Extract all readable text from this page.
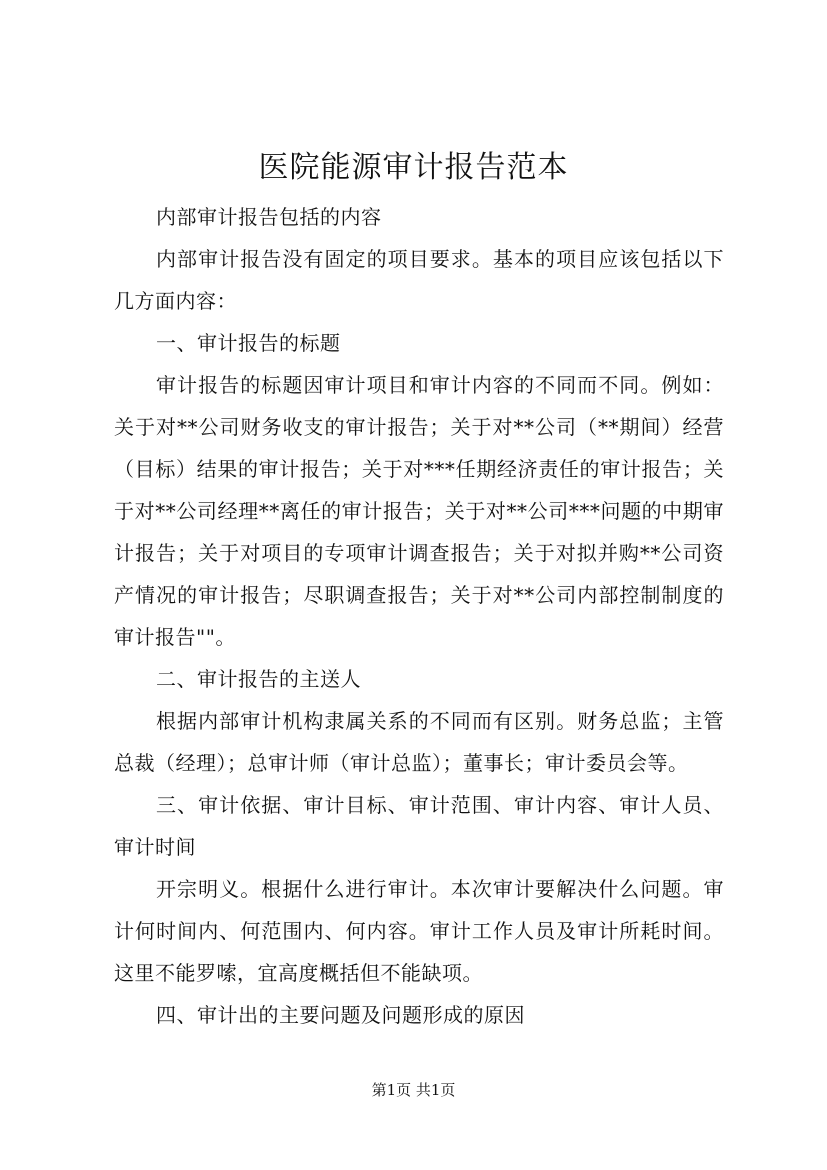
医院能源审计报告范本

内部审计报告包括的内容

内部审计报告没有固定的项目要求。基本的项目应该包括以下几方面内容：

一、审计报告的标题

审计报告的标题因审计项目和审计内容的不同而不同。例如：关于对**公司财务收支的审计报告；关于对**公司（**期间）经营（目标）结果的审计报告；关于对***任期经济责任的审计报告；关于对**公司经理**离任的审计报告；关于对**公司***问题的中期审计报告；关于对项目的专项审计调查报告；关于对拟并购**公司资产情况的审计报告；尽职调查报告；关于对**公司内部控制制度的审计报告""。

二、审计报告的主送人

根据内部审计机构隶属关系的不同而有区别。财务总监；主管总裁（经理）；总审计师（审计总监）；董事长；审计委员会等。

三、审计依据、审计目标、审计范围、审计内容、审计人员、审计时间

开宗明义。根据什么进行审计。本次审计要解决什么问题。审计何时间内、何范围内、何内容。审计工作人员及审计所耗时间。这里不能罗嗦，宜高度概括但不能缺项。

四、审计出的主要问题及问题形成的原因

第1页 共1页
